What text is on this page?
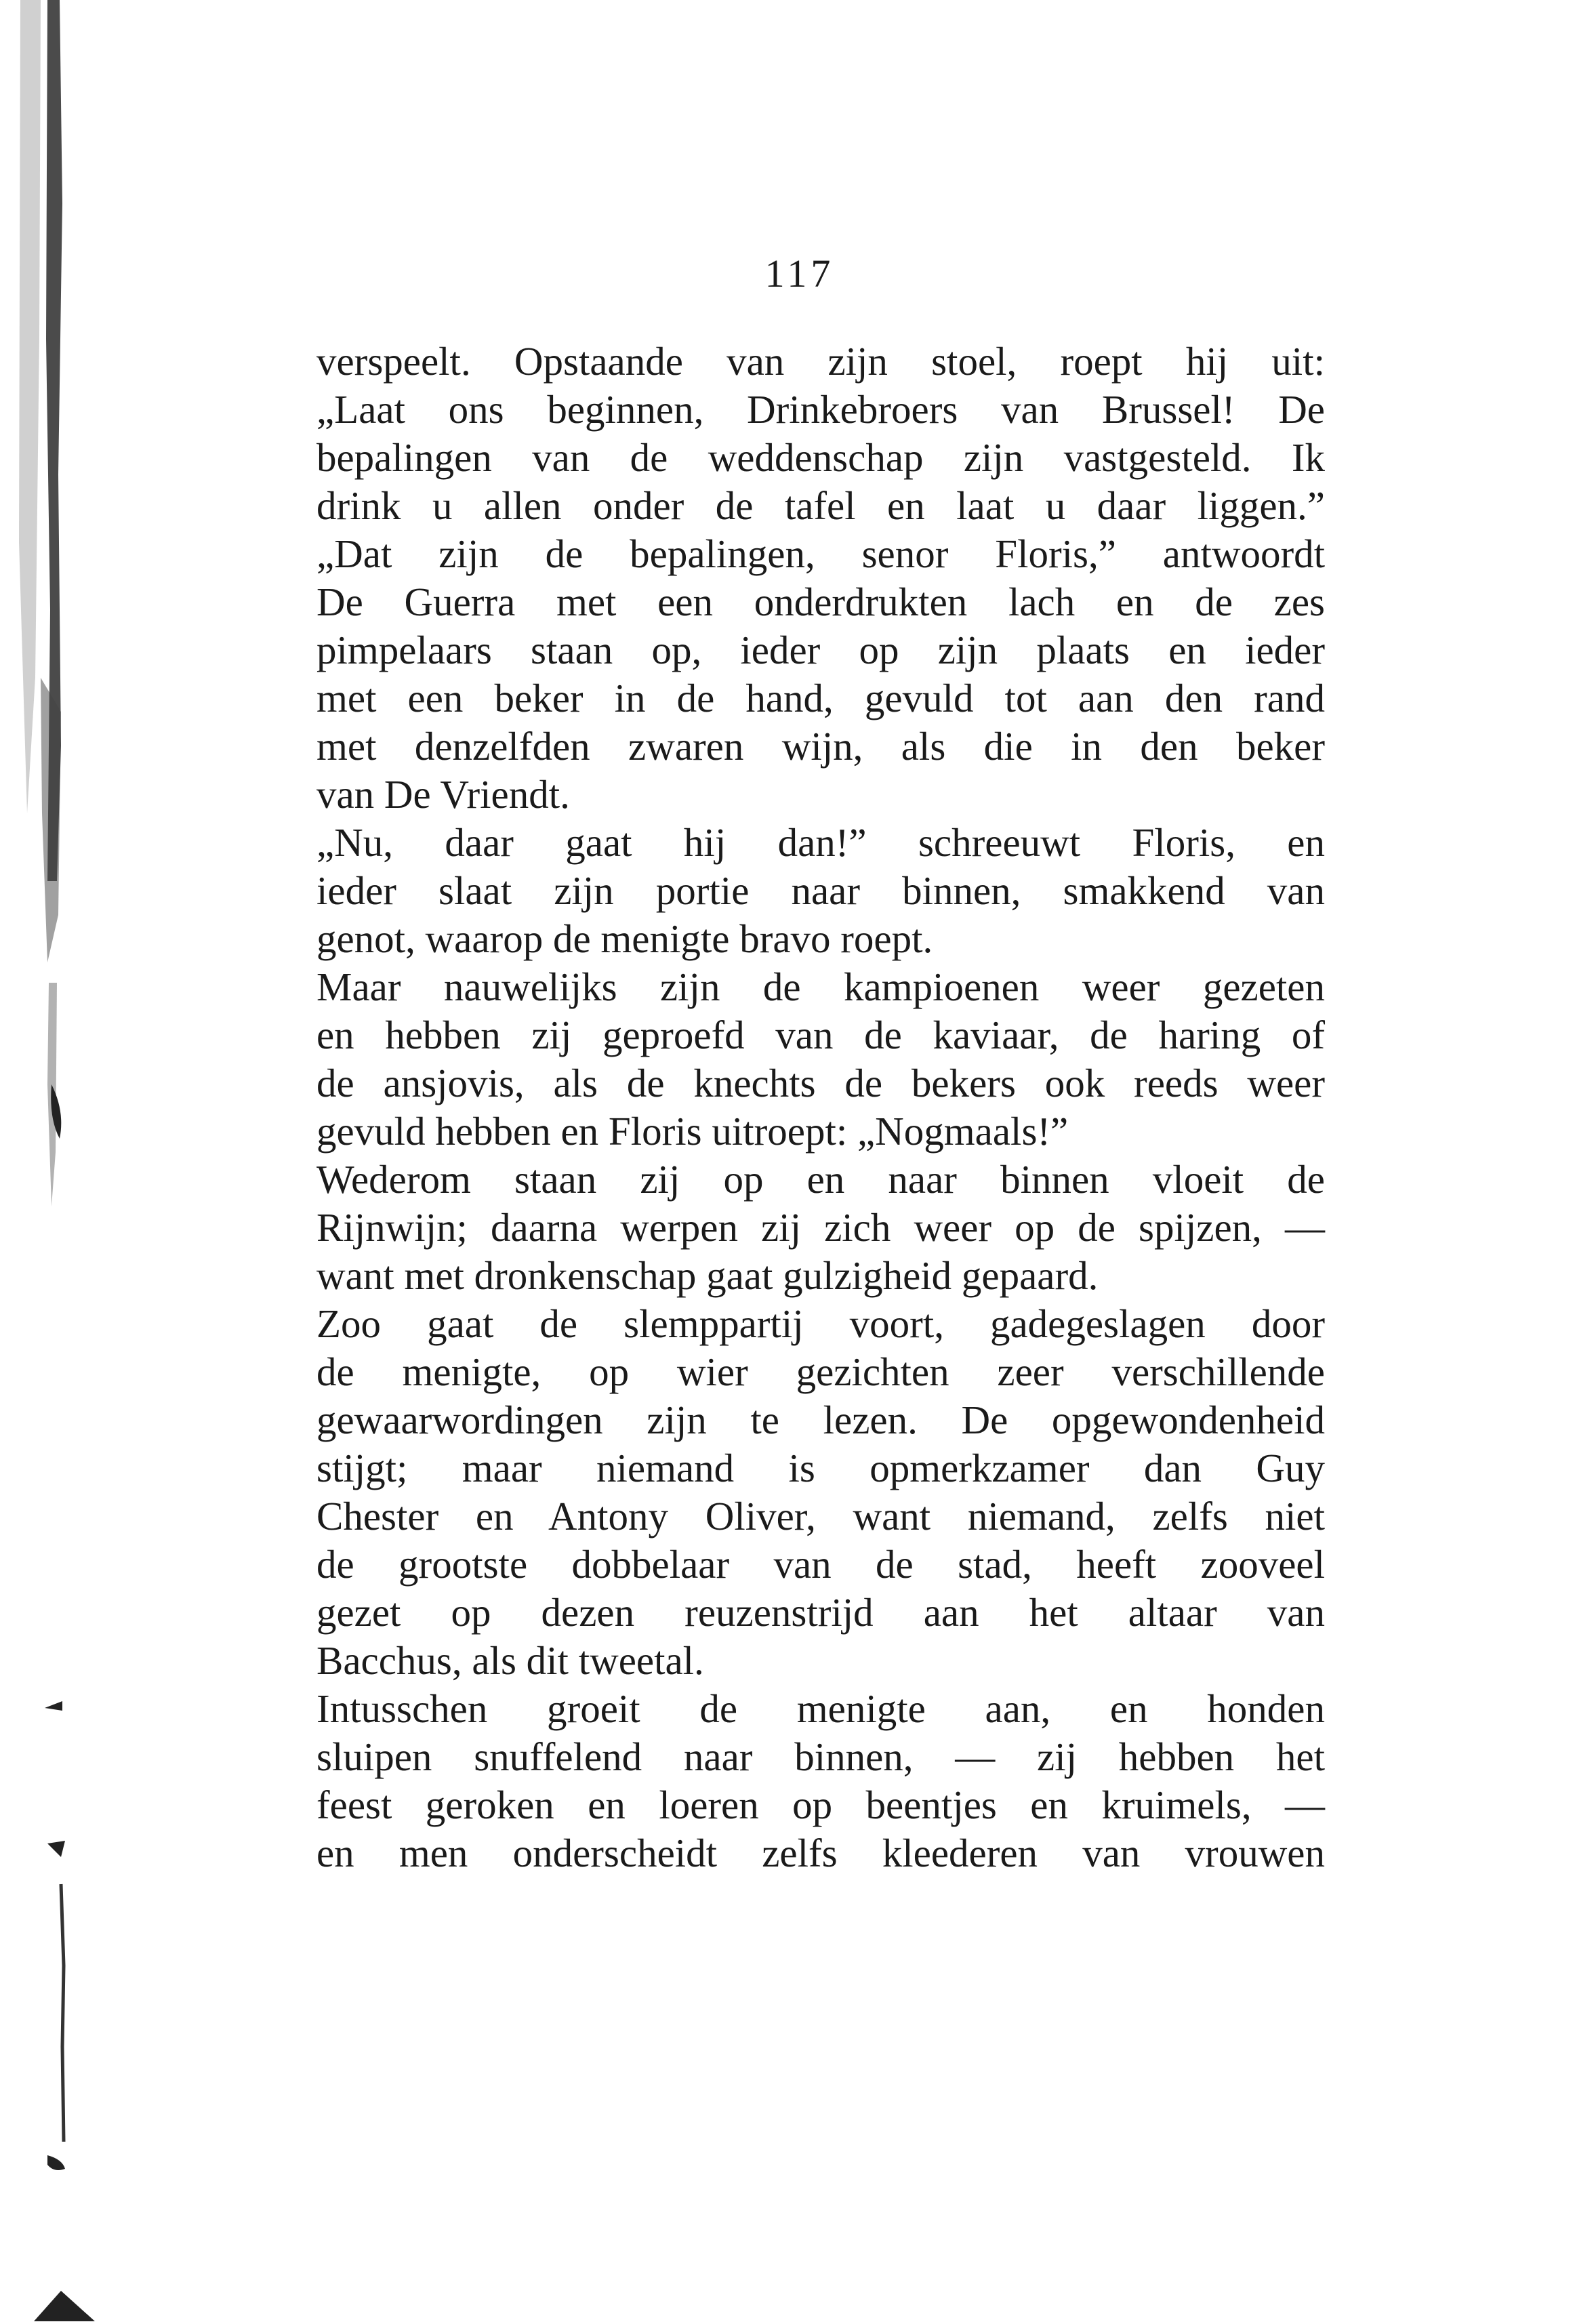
117
verspeelt. Opstaande van zijn stoel, roept hij uit:
„Laat ons beginnen, Drinkebroers van Brussel! De
bepalingen van de weddenschap zijn vastgesteld. Ik
drink u allen onder de tafel en laat u daar liggen.”
„Dat zijn de bepalingen, senor Floris,” antwoordt
De Guerra met een onderdrukten lach en de zes
pimpelaars staan op, ieder op zijn plaats en ieder
met een beker in de hand, gevuld tot aan den rand
met denzelfden zwaren wijn, als die in den beker
van De Vriendt.
„Nu, daar gaat hij dan!” schreeuwt Floris, en
ieder slaat zijn portie naar binnen, smakkend van
genot, waarop de menigte bravo roept.
Maar nauwelijks zijn de kampioenen weer gezeten
en hebben zij geproefd van de kaviaar, de haring of
de ansjovis, als de knechts de bekers ook reeds weer
gevuld hebben en Floris uitroept: „Nogmaals!”
Wederom staan zij op en naar binnen vloeit de
Rijnwijn; daarna werpen zij zich weer op de spijzen, —
want met dronkenschap gaat gulzigheid gepaard.
Zoo gaat de slemppartij voort, gadegeslagen door
de menigte, op wier gezichten zeer verschillende
gewaarwordingen zijn te lezen. De opgewondenheid
stijgt; maar niemand is opmerkzamer dan Guy
Chester en Antony Oliver, want niemand, zelfs niet
de grootste dobbelaar van de stad, heeft zooveel
gezet op dezen reuzenstrijd aan het altaar van
Bacchus, als dit tweetal.
Intusschen groeit de menigte aan, en honden
sluipen snuffelend naar binnen, — zij hebben het
feest geroken en loeren op beentjes en kruimels, —
en men onderscheidt zelfs kleederen van vrouwen
